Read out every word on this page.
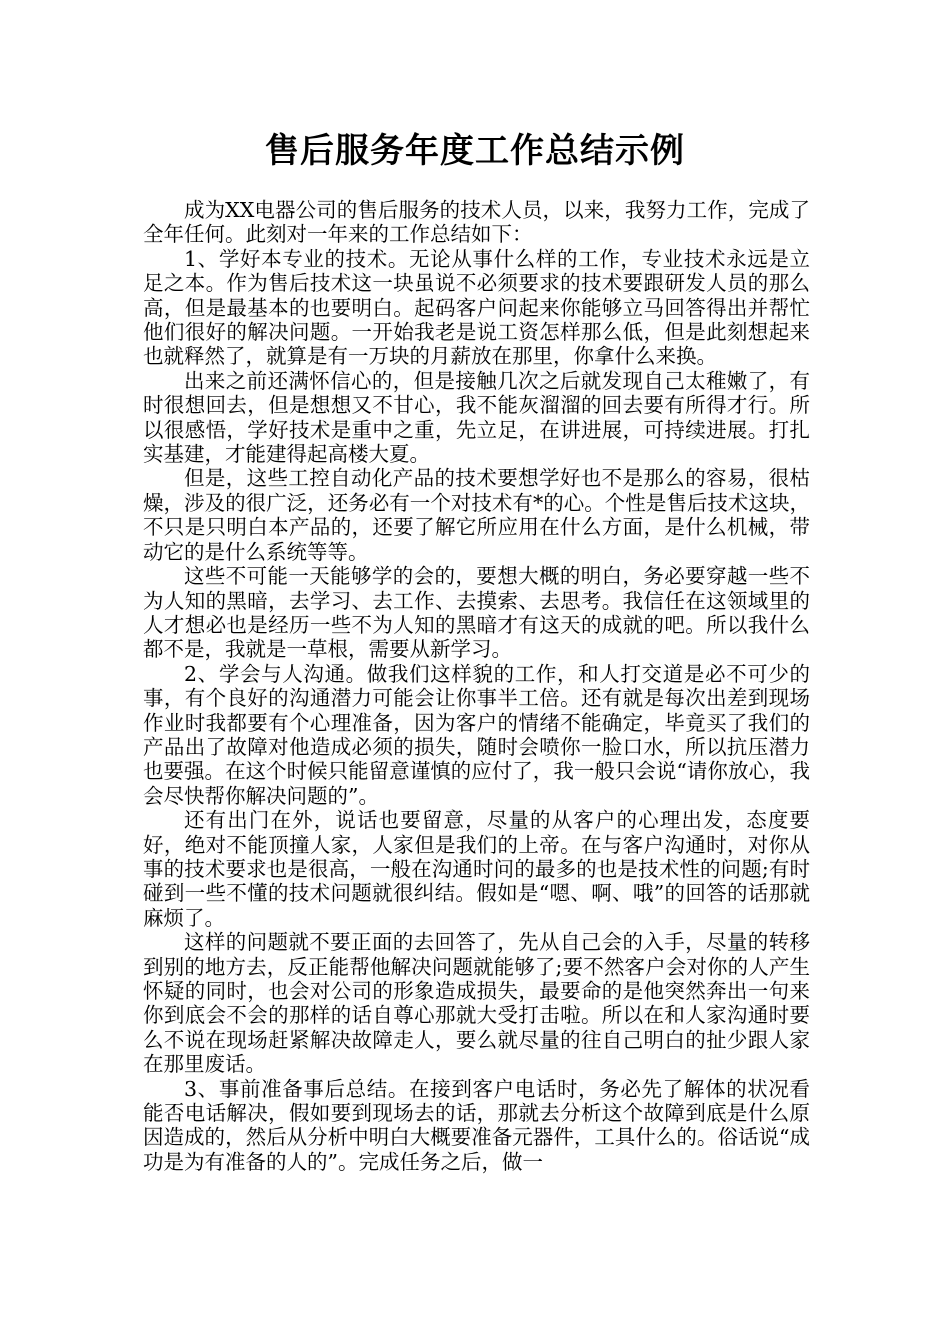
售后服务年度工作总结示例

成为XX电器公司的售后服务的技术人员，以来，我努力工作，完成了全年任何。此刻对一年来的工作总结如下：

1、学好本专业的技术。无论从事什么样的工作，专业技术永远是立足之本。作为售后技术这一块虽说不必须要求的技术要跟研发人员的那么高，但是最基本的也要明白。起码客户问起来你能够立马回答得出并帮忙他们很好的解决问题。一开始我老是说工资怎样那么低，但是此刻想起来也就释然了，就算是有一万块的月薪放在那里，你拿什么来换。

出来之前还满怀信心的，但是接触几次之后就发现自己太稚嫩了，有时很想回去，但是想想又不甘心，我不能灰溜溜的回去要有所得才行。所以很感悟，学好技术是重中之重，先立足，在讲进展，可持续进展。打扎实基建，才能建得起高楼大夏。

但是，这些工控自动化产品的技术要想学好也不是那么的容易，很枯燥，涉及的很广泛，还务必有一个对技术有*的心。个性是售后技术这块，不只是只明白本产品的，还要了解它所应用在什么方面，是什么机械，带动它的是什么系统等等。

这些不可能一天能够学的会的，要想大概的明白，务必要穿越一些不为人知的黑暗，去学习、去工作、去摸索、去思考。我信任在这领域里的人才想必也是经历一些不为人知的黑暗才有这天的成就的吧。所以我什么都不是，我就是一草根，需要从新学习。

2、学会与人沟通。做我们这样貌的工作，和人打交道是必不可少的事，有个良好的沟通潜力可能会让你事半工倍。还有就是每次出差到现场作业时我都要有个心理准备，因为客户的情绪不能确定，毕竟买了我们的产品出了故障对他造成必须的损失，随时会喷你一脸口水，所以抗压潜力也要强。在这个时候只能留意谨慎的应付了，我一般只会说“请你放心，我会尽快帮你解决问题的”。

还有出门在外，说话也要留意，尽量的从客户的心理出发，态度要好，绝对不能顶撞人家，人家但是我们的上帝。在与客户沟通时，对你从事的技术要求也是很高，一般在沟通时问的最多的也是技术性的问题;有时碰到一些不懂的技术问题就很纠结。假如是“嗯、啊、哦”的回答的话那就麻烦了。

这样的问题就不要正面的去回答了，先从自己会的入手，尽量的转移到别的地方去，反正能帮他解决问题就能够了;要不然客户会对你的人产生怀疑的同时，也会对公司的形象造成损失，最要命的是他突然奔出一句来你到底会不会的那样的话自尊心那就大受打击啦。所以在和人家沟通时要么不说在现场赶紧解决故障走人，要么就尽量的往自己明白的扯少跟人家在那里废话。

3、事前准备事后总结。在接到客户电话时，务必先了解体的状况看能否电话解决，假如要到现场去的话，那就去分析这个故障到底是什么原因造成的，然后从分析中明白大概要准备元器件，工具什么的。俗话说“成功是为有准备的人的”。完成任务之后，做一
